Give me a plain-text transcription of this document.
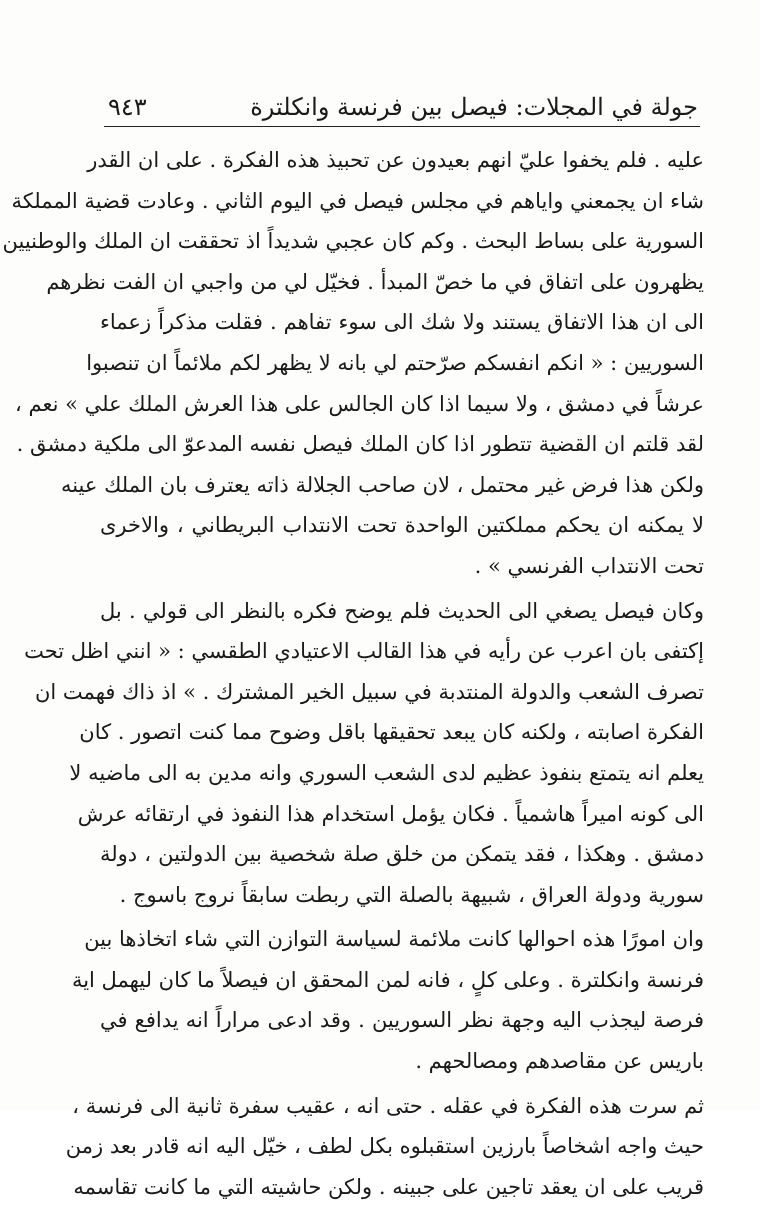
جولة في المجلات: فيصل بين فرنسة وانكلترة
٩٤٣
عليه . فلم يخفوا عليّ انهم بعيدون عن تحبيذ هذه الفكرة . على ان القدر
شاء ان يجمعني واياهم في مجلس فيصل في اليوم الثاني . وعادت قضية المملكة
السورية على بساط البحث . وكم كان عجبي شديداً اذ تحققت ان الملك والوطنيين
يظهرون على اتفاق في ما خصّ المبدأ . فخيّل لي من واجبي ان الفت نظرهم
الى ان هذا الاتفاق يستند ولا شك الى سوء تفاهم . فقلت مذكراً زعماء
السوريين : « انكم انفسكم صرّحتم لي بانه لا يظهر لكم ملائماً ان تنصبوا
عرشاً في دمشق ، ولا سيما اذا كان الجالس على هذا العرش الملك علي » نعم ،
لقد قلتم ان القضية تتطور اذا كان الملك فيصل نفسه المدعوّ الى ملكية دمشق .
ولكن هذا فرض غير محتمل ، لان صاحب الجلالة ذاته يعترف بان الملك عينه
لا يمكنه ان يحكم مملكتين الواحدة تحت الانتداب البريطاني ، والاخرى
تحت الانتداب الفرنسي » .
وكان فيصل يصغي الى الحديث فلم يوضح فكره بالنظر الى قولي . بل
إكتفى بان اعرب عن رأيه في هذا القالب الاعتيادي الطقسي : « انني اظل تحت
تصرف الشعب والدولة المنتدبة في سبيل الخير المشترك . » اذ ذاك فهمت ان
الفكرة اصابته ، ولكنه كان يبعد تحقيقها باقل وضوح مما كنت اتصور . كان
يعلم انه يتمتع بنفوذ عظيم لدى الشعب السوري وانه مدين به الى ماضيه لا
الى كونه اميراً هاشمياً . فكان يؤمل استخدام هذا النفوذ في ارتقائه عرش
دمشق . وهكذا ، فقد يتمكن من خلق صلة شخصية بين الدولتين ، دولة
سورية ودولة العراق ، شبيهة بالصلة التي ربطت سابقاً نروج باسوج .
وان امورًا هذه احوالها كانت ملائمة لسياسة التوازن التي شاء اتخاذها بين
فرنسة وانكلترة . وعلى كلٍ ، فانه لمن المحقق ان فيصلاً ما كان ليهمل اية
فرصة ليجذب اليه وجهة نظر السوريين . وقد ادعى مراراً انه يدافع في
باريس عن مقاصدهم ومصالحهم .
ثم سرت هذه الفكرة في عقله . حتى انه ، عقيب سفرة ثانية الى فرنسة ،
حيث واجه اشخاصاً بارزين استقبلوه بكل لطف ، خيّل اليه انه قادر بعد زمن
قريب على ان يعقد تاجين على جبينه . ولكن حاشيته التي ما كانت تقاسمه
